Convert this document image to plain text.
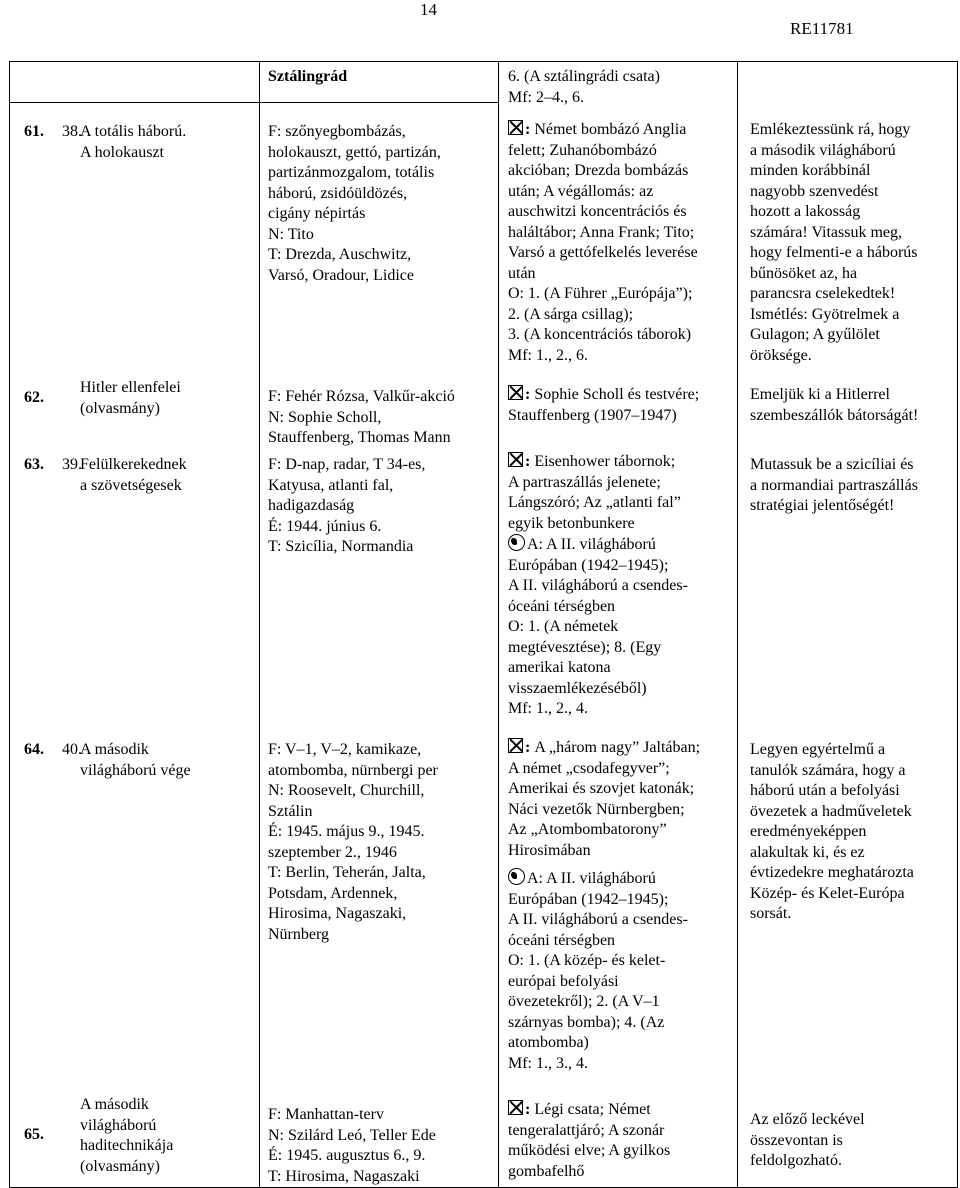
14
RE11781
61. 38.
A totális háború.
A holokauszt
Sztálingrád
F: szőnyegbombázás,
holokauszt, gettó, partizán,
partizánmozgalom, totális
háború, zsidóüldözés,
cigány népirtás
N: Tito
T: Drezda, Auschwitz,
Varsó, Oradour, Lidice
6. (A sztálingrádi csata)
Mf: 2–4., 6.
: Német bombázó Anglia
felett; Zuhanóbombázó
akcióban; Drezda bombázás
után; A végállomás: az
auschwitzi koncentrációs és
haláltábor; Anna Frank; Tito;
Varsó a gettófelkelés leverése
után
O: 1. (A Führer „Európája”);
2. (A sárga csillag);
3. (A koncentrációs táborok)
Mf: 1., 2., 6.
Emlékeztessünk rá, hogy
a második világháború
minden korábbinál
nagyobb szenvedést
hozott a lakosság
számára! Vitassuk meg,
hogy felmenti-e a háborús
bűnösöket az, ha
parancsra cselekedtek!
Ismétlés: Gyötrelmek a
Gulagon; A gyűlölet
öröksége.
62.
Hitler ellenfelei
(olvasmány)
F: Fehér Rózsa, Valkűr-akció
N: Sophie Scholl,
Stauffenberg, Thomas Mann
: Sophie Scholl és testvére;
Stauffenberg (1907–1947)
Emeljük ki a Hitlerrel
szembeszállók bátorságát!
63. 39.
Felülkerekednek
a szövetségesek
F: D-nap, radar, T 34-es,
Katyusa, atlanti fal,
hadigazdaság
É: 1944. június 6.
T: Szicília, Normandia
: Eisenhower tábornok;
A partraszállás jelenete;
Lángszóró; Az „atlanti fal”
egyik betonbunkere
A: A II. világháború
Európában (1942–1945);
A II. világháború a csendes-
óceáni térségben
O: 1. (A németek
megtévesztése); 8. (Egy
amerikai katona
visszaemlékezéséből)
Mf: 1., 2., 4.
Mutassuk be a szicíliai és
a normandiai partraszállás
stratégiai jelentőségét!
64. 40.
A második
világháború vége
F: V–1, V–2, kamikaze,
atombomba, nürnbergi per
N: Roosevelt, Churchill,
Sztálin
É: 1945. május 9., 1945.
szeptember 2., 1946
T: Berlin, Teherán, Jalta,
Potsdam, Ardennek,
Hirosima, Nagaszaki,
Nürnberg
: A „három nagy” Jaltában;
A német „csodafegyver”;
Amerikai és szovjet katonák;
Náci vezetők Nürnbergben;
Az „Atombombatorony”
Hirosimában
A: A II. világháború
Európában (1942–1945);
A II. világháború a csendes-
óceáni térségben
O: 1. (A közép- és kelet-
európai befolyási
övezetekről); 2. (A V–1
szárnyas bomba); 4. (Az
atombomba)
Mf: 1., 3., 4.
Legyen egyértelmű a
tanulók számára, hogy a
háború után a befolyási
övezetek a hadműveletek
eredményeképpen
alakultak ki, és ez
évtizedekre meghatározta
Közép- és Kelet-Európa
sorsát.
65.
A második
világháború
haditechnikája
(olvasmány)
F: Manhattan-terv
N: Szilárd Leó, Teller Ede
É: 1945. augusztus 6., 9.
T: Hirosima, Nagaszaki
: Légi csata; Német
tengeralattjáró; A szonár
működési elve; A gyilkos
gombafelhő
Az előző leckével
összevontan is
feldolgozható.
